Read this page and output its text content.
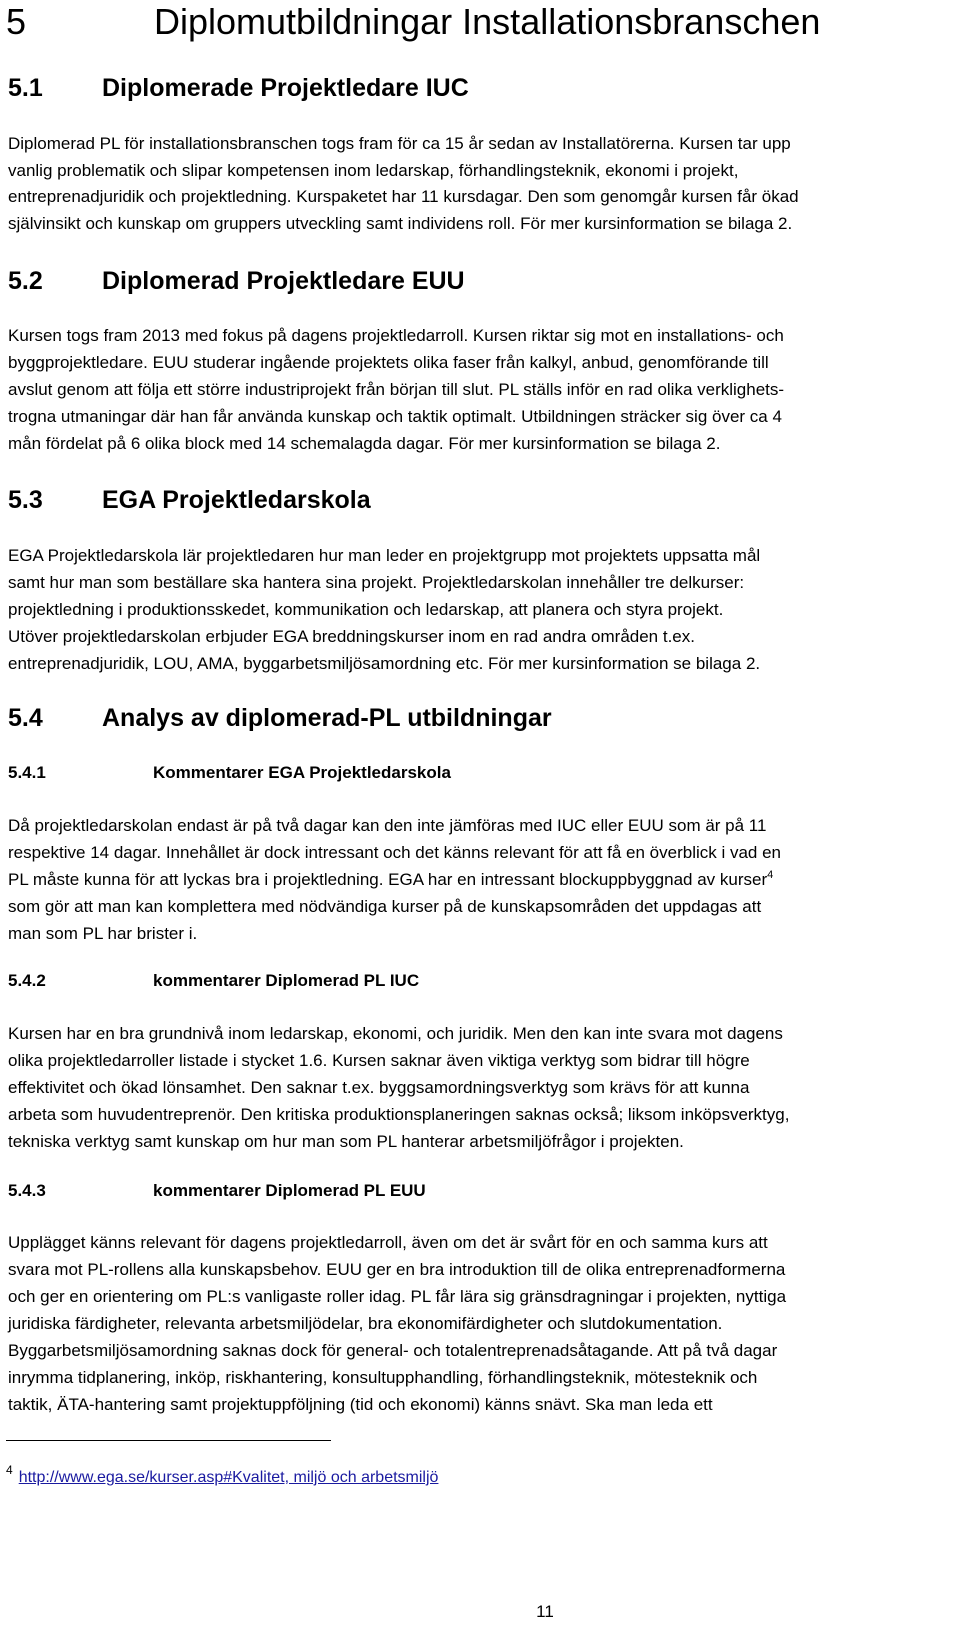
5	Diplomutbildningar Installationsbranschen
5.1 Diplomerade Projektledare IUC
Diplomerad PL för installationsbranschen togs fram för ca 15 år sedan av Installatörerna. Kursen tar upp
vanlig problematik och slipar kompetensen inom ledarskap, förhandlingsteknik, ekonomi i projekt,
entreprenadjuridik och projektledning. Kurspaketet har 11 kursdagar. Den som genomgår kursen får ökad
självinsikt och kunskap om gruppers utveckling samt individens roll. För mer kursinformation se bilaga 2.
5.2 Diplomerad Projektledare EUU
Kursen togs fram 2013 med fokus på dagens projektledarroll. Kursen riktar sig mot en installations- och
byggprojektledare. EUU studerar ingående projektets olika faser från kalkyl, anbud, genomförande till
avslut genom att följa ett större industriprojekt från början till slut. PL ställs inför en rad olika verklighets-
trogna utmaningar där han får använda kunskap och taktik optimalt. Utbildningen sträcker sig över ca 4
mån fördelat på 6 olika block med 14 schemalagda dagar. För mer kursinformation se bilaga 2.
5.3 EGA Projektledarskola
EGA Projektledarskola lär projektledaren hur man leder en projektgrupp mot projektets uppsatta mål
samt hur man som beställare ska hantera sina projekt. Projektledarskolan innehåller tre delkurser:
projektledning i produktionsskedet, kommunikation och ledarskap, att planera och styra projekt.
Utöver projektledarskolan erbjuder EGA breddningskurser inom en rad andra områden t.ex.
entreprenadjuridik, LOU, AMA, byggarbetsmiljösamordning etc. För mer kursinformation se bilaga 2.
5.4 Analys av diplomerad-PL utbildningar
5.4.1	Kommentarer EGA Projektledarskola
Då projektledarskolan endast är på två dagar kan den inte jämföras med IUC eller EUU som är på 11
respektive 14 dagar. Innehållet är dock intressant och det känns relevant för att få en överblick i vad en
PL måste kunna för att lyckas bra i projektledning. EGA har en intressant blockuppbyggnad av kurser$^4$
som gör att man kan komplettera med nödvändiga kurser på de kunskapsområden det uppdagas att
man som PL har brister i.
5.4.2	kommentarer Diplomerad PL IUC
Kursen har en bra grundnivå inom ledarskap, ekonomi, och juridik. Men den kan inte svara mot dagens
olika projektledarroller listade i stycket 1.6. Kursen saknar även viktiga verktyg som bidrar till högre
effektivitet och ökad lönsamhet. Den saknar t.ex. byggsamordningsverktyg som krävs för att kunna
arbeta som huvudentreprenör. Den kritiska produktionsplaneringen saknas också; liksom inköpsverktyg,
tekniska verktyg samt kunskap om hur man som PL hanterar arbetsmiljöfrågor i projekten.
5.4.3	kommentarer Diplomerad PL EUU
Upplägget känns relevant för dagens projektledarroll, även om det är svårt för en och samma kurs att
svara mot PL-rollens alla kunskapsbehov. EUU ger en bra introduktion till de olika entreprenadformerna
och ger en orientering om PL:s vanligaste roller idag. PL får lära sig gränsdragningar i projekten, nyttiga
juridiska färdigheter, relevanta arbetsmiljödelar, bra ekonomifärdigheter och slutdokumentation.
Byggarbetsmiljösamordning saknas dock för general- och totalentreprenadsåtagande. Att på två dagar
inrymma tidplanering, inköp, riskhantering, konsultupphandling, förhandlingsteknik, mötesteknik och
taktik, ÄTA-hantering samt projektuppföljning (tid och ekonomi) känns snävt. Ska man leda ett
$^4$ http://www.ega.se/kurser.asp#Kvalitet, miljö och arbetsmiljö
11
